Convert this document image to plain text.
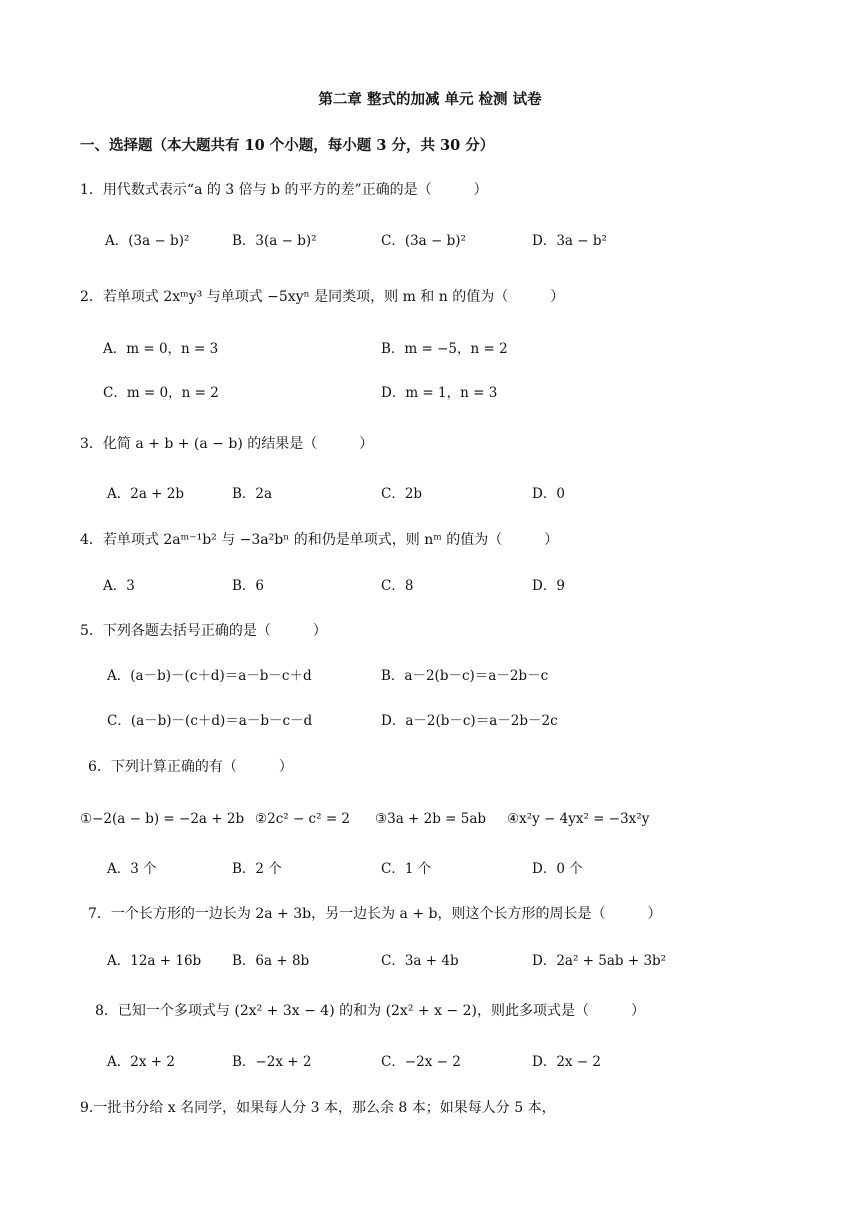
第二章 整式的加减 单元 检测 试卷
一、选择题（本大题共有 10 个小题，每小题 3 分，共 30 分）
1．用代数式表示“a 的 3 倍与 b 的平方的差”正确的是（　　　）
A．(3a − b)²	B．3(a − b)²	C．(3a − b)²	D．3a − b²
2．若单项式 2xᵐy³ 与单项式 −5xyⁿ 是同类项，则 m 和 n 的值为（　　　）
A．m = 0，n = 3	B．m = −5，n = 2
C．m = 0，n = 2	D．m = 1，n = 3
3．化简 a + b + (a − b) 的结果是（　　　）
A．2a + 2b	B．2a	C．2b	D．0
4．若单项式 2aᵐ⁻¹b² 与 −3a²bⁿ 的和仍是单项式，则 nᵐ 的值为（　　　）
A．3	B．6	C．8	D．9
5．下列各题去括号正确的是（　　　）
A．(a－b)－(c＋d)＝a－b－c＋d	B．a－2(b－c)＝a－2b－c
C．(a－b)－(c＋d)＝a－b－c－d	D．a－2(b－c)＝a－2b－2c
6．下列计算正确的有（　　　）
①−2(a − b) = −2a + 2b ②2c² − c² = 2 ③3a + 2b = 5ab ④x²y − 4yx² = −3x²y
A．3 个	B．2 个	C．1 个	D．0 个
7．一个长方形的一边长为 2a + 3b，另一边长为 a + b，则这个长方形的周长是（　　　）
A．12a + 16b B．6a + 8b	C．3a + 4b	D．2a² + 5ab + 3b²
8．已知一个多项式与 (2x² + 3x − 4) 的和为 (2x² + x − 2)，则此多项式是（　　　）
A．2x + 2	B．−2x + 2	C．−2x − 2	D．2x − 2
9.一批书分给 x 名同学，如果每人分 3 本，那么余 8 本；如果每人分 5 本，
